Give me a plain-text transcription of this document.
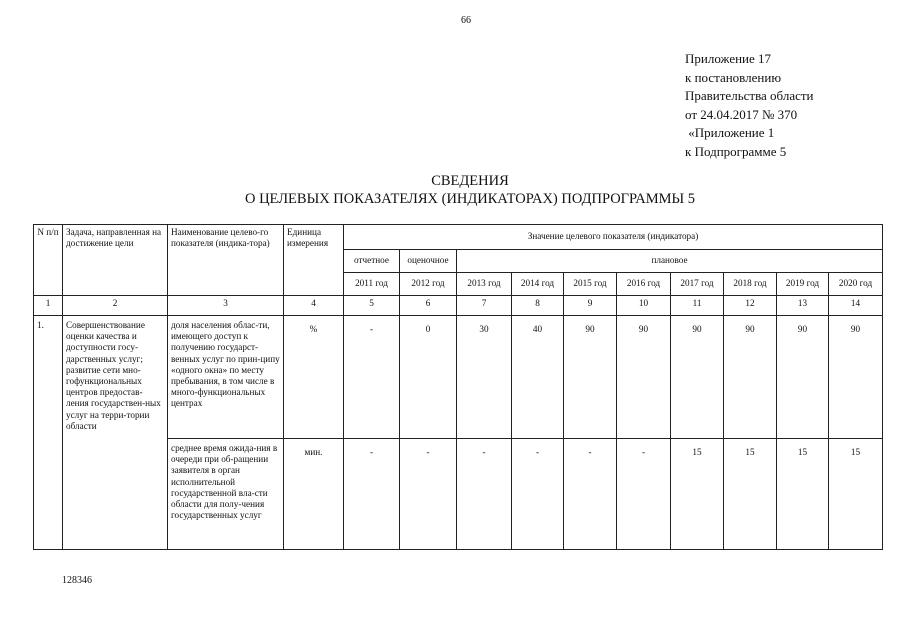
66
Приложение 17
к постановлению
Правительства области
от 24.04.2017 № 370
«Приложение 1
к Подпрограмме 5
СВЕДЕНИЯ
О ЦЕЛЕВЫХ ПОКАЗАТЕЛЯХ (ИНДИКАТОРАХ) ПОДПРОГРАММЫ 5
N п/п	Задача, направленная на достижение цели	Наименование целево-го показателя (индика-тора)	Единица измерения	Значение целевого показателя (индикатора)									
				отчетное	оценочное	плановое							
				2011 год	2012 год	2013 год	2014 год	2015 год	2016 год	2017 год	2018 год	2019 год	2020 год
1	2	3	4	5	6	7	8	9	10	11	12	13	14
1.	Совершенствование оценки качества и доступности госу-дарственных услуг; развитие сети мно-гофункциональных центров предостав-ления государствен-ных услуг на терри-тории области	доля населения облас-ти, имеющего доступ к получению государст-венных услуг по прин-ципу «одного окна» по месту пребывания, в том числе в много-функциональных центрах	%	-	0	30	40	90	90	90	90	90	90
		среднее время ожида-ния в очереди при об-ращении заявителя в орган исполнительной государственной вла-сти области для полу-чения государственных услуг	мин.	-	-	-	-	-	-	15	15	15	15
128346
